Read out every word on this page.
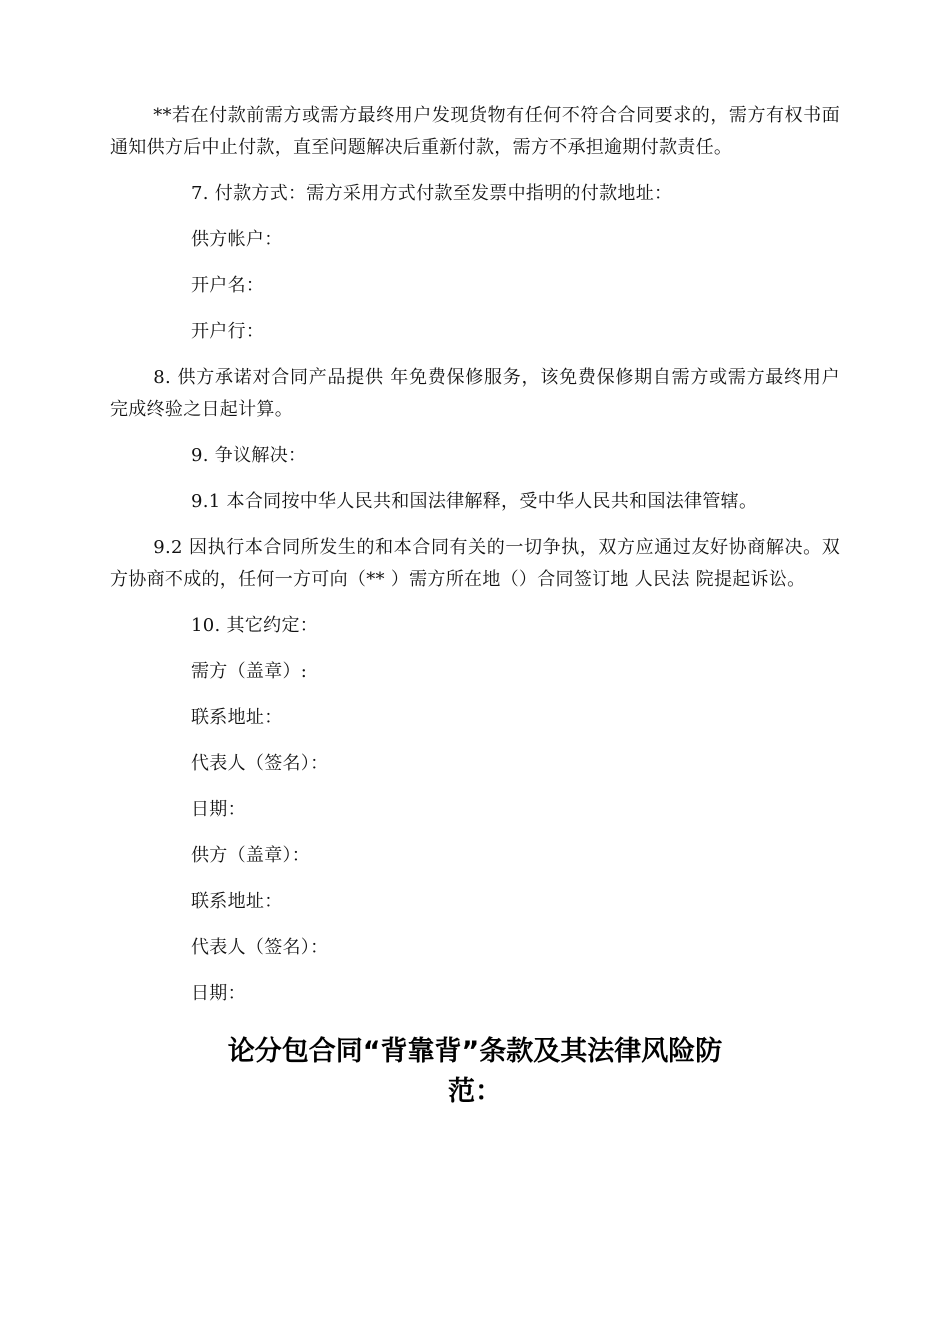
**若在付款前需方或需方最终用户发现货物有任何不符合合同要求的，需方有权书面通知供方后中止付款，直至问题解决后重新付款，需方不承担逾期付款责任。

7. 付款方式：需方采用方式付款至发票中指明的付款地址：

供方帐户：

开户名：

开户行：

8. 供方承诺对合同产品提供 年免费保修服务，该免费保修期自需方或需方最终用户完成终验之日起计算。

9. 争议解决：

9.1 本合同按中华人民共和国法律解释，受中华人民共和国法律管辖。

9.2 因执行本合同所发生的和本合同有关的一切争执，双方应通过友好协商解决。双方协商不成的，任何一方可向（** ）需方所在地（）合同签订地 人民法 院提起诉讼。

10. 其它约定：

需方（盖章）:

联系地址：

代表人（签名）：

日期：

供方（盖章）：

联系地址：

代表人（签名）：

日期：

论分包合同“背靠背”条款及其法律风险防
范：
